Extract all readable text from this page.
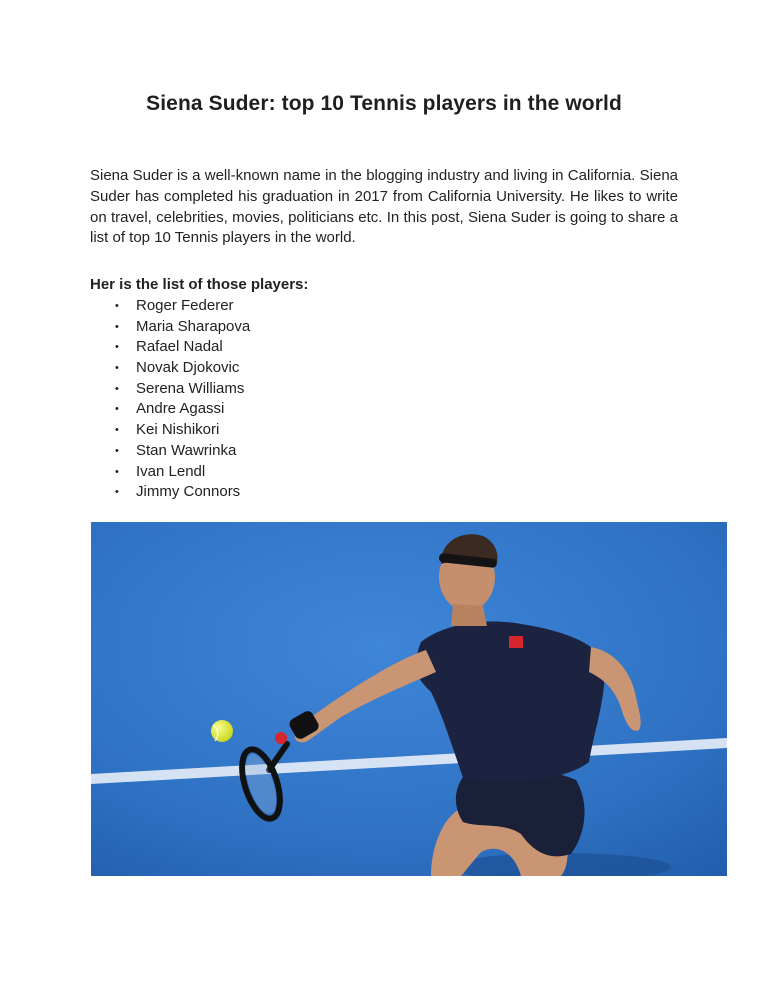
Siena Suder: top 10 Tennis players in the world
Siena Suder is a well-known name in the blogging industry and living in California. Siena Suder has completed his graduation in 2017 from California University. He likes to write on travel, celebrities, movies, politicians etc. In this post, Siena Suder is going to share a list of top 10 Tennis players in the world.
Her is the list of those players:
• Roger Federer
• Maria Sharapova
• Rafael Nadal
• Novak Djokovic
• Serena Williams
• Andre Agassi
• Kei Nishikori
• Stan Wawrinka
• Ivan Lendl
• Jimmy Connors
